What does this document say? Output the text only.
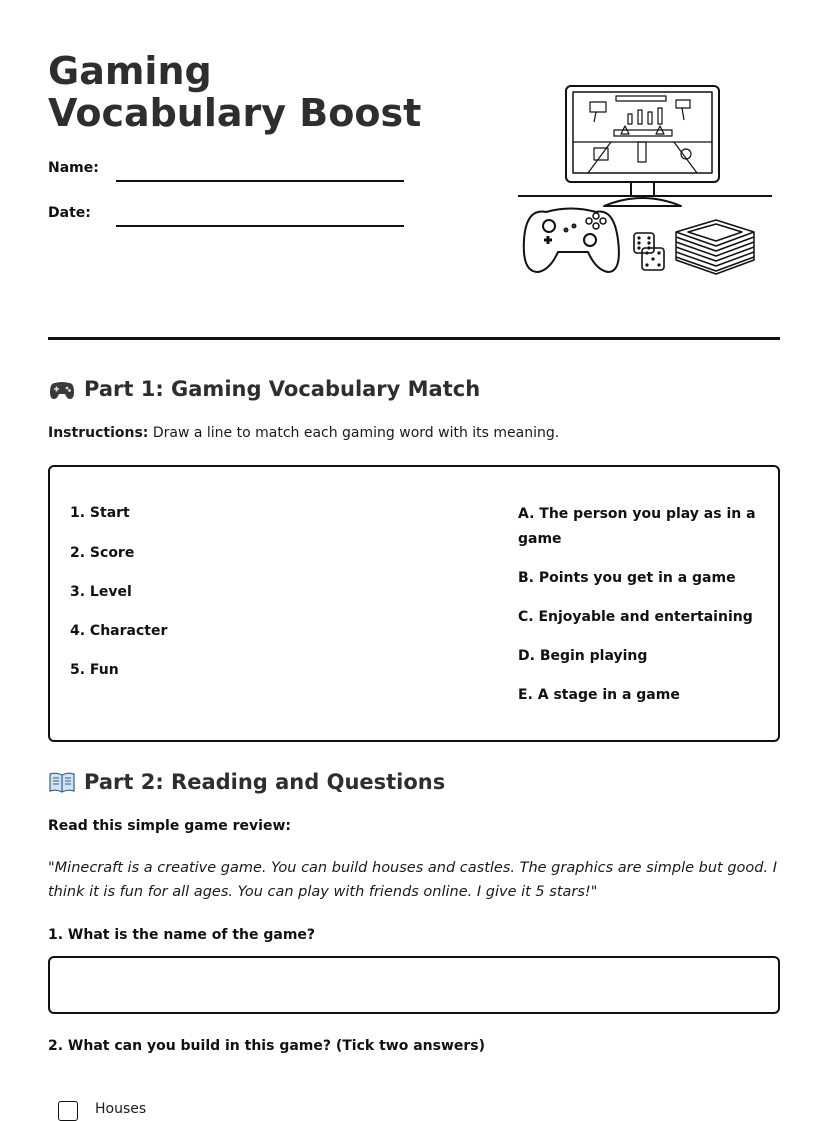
Gaming Vocabulary Boost
Name:
Date:
Part 1: Gaming Vocabulary Match
Instructions: Draw a line to match each gaming word with its meaning.
1. Start
2. Score
3. Level
4. Character
5. Fun
A. The person you play as in a game
B. Points you get in a game
C. Enjoyable and entertaining
D. Begin playing
E. A stage in a game
Part 2: Reading and Questions
Read this simple game review:
"Minecraft is a creative game. You can build houses and castles. The graphics are simple but good. I think it is fun for all ages. You can play with friends online. I give it 5 stars!"
1. What is the name of the game?
2. What can you build in this game? (Tick two answers)
Houses
